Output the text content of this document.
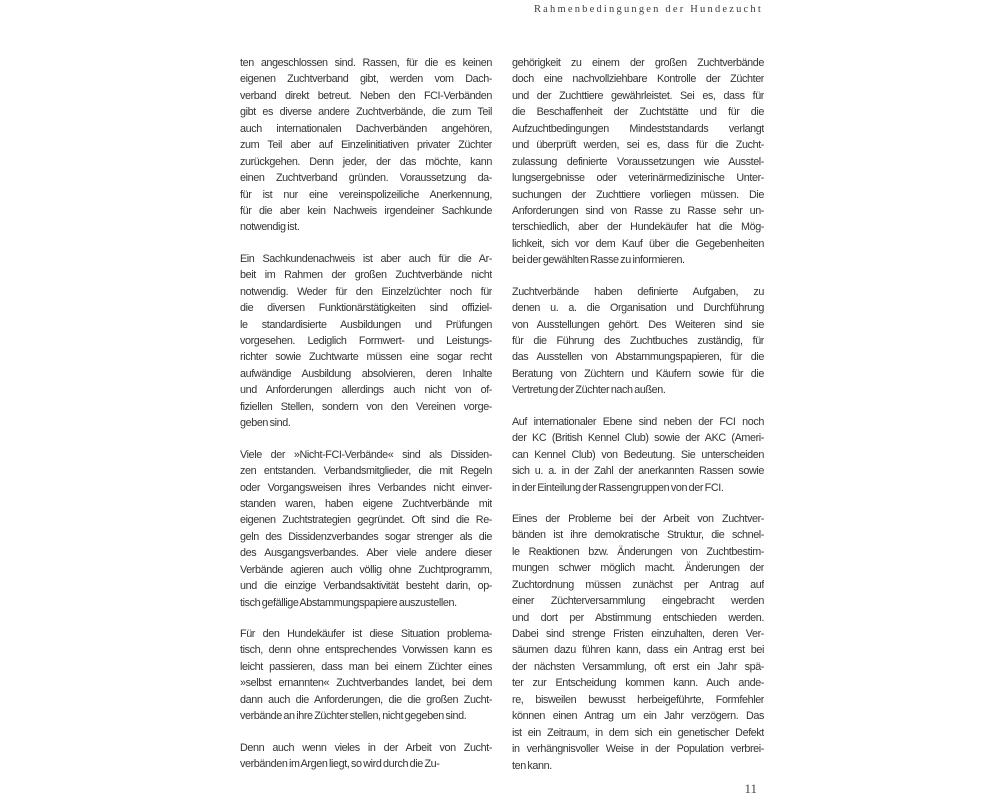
Rahmenbedingungen der Hundezucht
ten angeschlossen sind. Rassen, für die es keinen
eigenen Zuchtverband gibt, werden vom Dach-
verband direkt betreut. Neben den FCI-Verbänden
gibt es diverse andere Zuchtverbände, die zum Teil
auch internationalen Dachverbänden angehören,
zum Teil aber auf Einzelinitiativen privater Züchter
zurückgehen. Denn jeder, der das möchte, kann
einen Zuchtverband gründen. Voraussetzung da-
für ist nur eine vereinspolizeiliche Anerkennung,
für die aber kein Nachweis irgendeiner Sachkunde
notwendig ist.
Ein Sachkundenachweis ist aber auch für die Ar-
beit im Rahmen der großen Zuchtverbände nicht
notwendig. Weder für den Einzelzüchter noch für
die diversen Funktionärstätigkeiten sind offiziel-
le standardisierte Ausbildungen und Prüfungen
vorgesehen. Lediglich Formwert- und Leistungs-
richter sowie Zuchtwarte müssen eine sogar recht
aufwändige Ausbildung absolvieren, deren Inhalte
und Anforderungen allerdings auch nicht von of-
fiziellen Stellen, sondern von den Vereinen vorge-
geben sind.
Viele der »Nicht-FCI-Verbände« sind als Dissiden-
zen entstanden. Verbandsmitglieder, die mit Regeln
oder Vorgangsweisen ihres Verbandes nicht einver-
standen waren, haben eigene Zuchtverbände mit
eigenen Zuchtstrategien gegründet. Oft sind die Re-
geln des Dissidenzverbandes sogar strenger als die
des Ausgangsverbandes. Aber viele andere dieser
Verbände agieren auch völlig ohne Zuchtprogramm,
und die einzige Verbandsaktivität besteht darin, op-
tisch gefällige Abstammungspapiere auszustellen.
Für den Hundekäufer ist diese Situation problema-
tisch, denn ohne entsprechendes Vorwissen kann es
leicht passieren, dass man bei einem Züchter eines
»selbst ernannten« Zuchtverbandes landet, bei dem
dann auch die Anforderungen, die die großen Zucht-
verbände an ihre Züchter stellen, nicht gegeben sind.
Denn auch wenn vieles in der Arbeit von Zucht-
verbänden im Argen liegt, so wird durch die Zu-
gehörigkeit zu einem der großen Zuchtverbände
doch eine nachvollziehbare Kontrolle der Züchter
und der Zuchttiere gewährleistet. Sei es, dass für
die Beschaffenheit der Zuchtstätte und für die
Aufzuchtbedingungen Mindeststandards verlangt
und überprüft werden, sei es, dass für die Zucht-
zulassung definierte Voraussetzungen wie Ausstel-
lungsergebnisse oder veterinärmedizinische Unter-
suchungen der Zuchttiere vorliegen müssen. Die
Anforderungen sind von Rasse zu Rasse sehr un-
terschiedlich, aber der Hundekäufer hat die Mög-
lichkeit, sich vor dem Kauf über die Gegebenheiten
bei der gewählten Rasse zu informieren.
Zuchtverbände haben definierte Aufgaben, zu
denen u. a. die Organisation und Durchführung
von Ausstellungen gehört. Des Weiteren sind sie
für die Führung des Zuchtbuches zuständig, für
das Ausstellen von Abstammungspapieren, für die
Beratung von Züchtern und Käufern sowie für die
Vertretung der Züchter nach außen.
Auf internationaler Ebene sind neben der FCI noch
der KC (British Kennel Club) sowie der AKC (Ameri-
can Kennel Club) von Bedeutung. Sie unterscheiden
sich u. a. in der Zahl der anerkannten Rassen sowie
in der Einteilung der Rassengruppen von der FCI.
Eines der Probleme bei der Arbeit von Zuchtver-
bänden ist ihre demokratische Struktur, die schnel-
le Reaktionen bzw. Änderungen von Zuchtbestim-
mungen schwer möglich macht. Änderungen der
Zuchtordnung müssen zunächst per Antrag auf
einer Züchterversammlung eingebracht werden
und dort per Abstimmung entschieden werden.
Dabei sind strenge Fristen einzuhalten, deren Ver-
säumen dazu führen kann, dass ein Antrag erst bei
der nächsten Versammlung, oft erst ein Jahr spä-
ter zur Entscheidung kommen kann. Auch ande-
re, bisweilen bewusst herbeigeführte, Formfehler
können einen Antrag um ein Jahr verzögern. Das
ist ein Zeitraum, in dem sich ein genetischer Defekt
in verhängnisvoller Weise in der Population verbrei-
ten kann.
11
